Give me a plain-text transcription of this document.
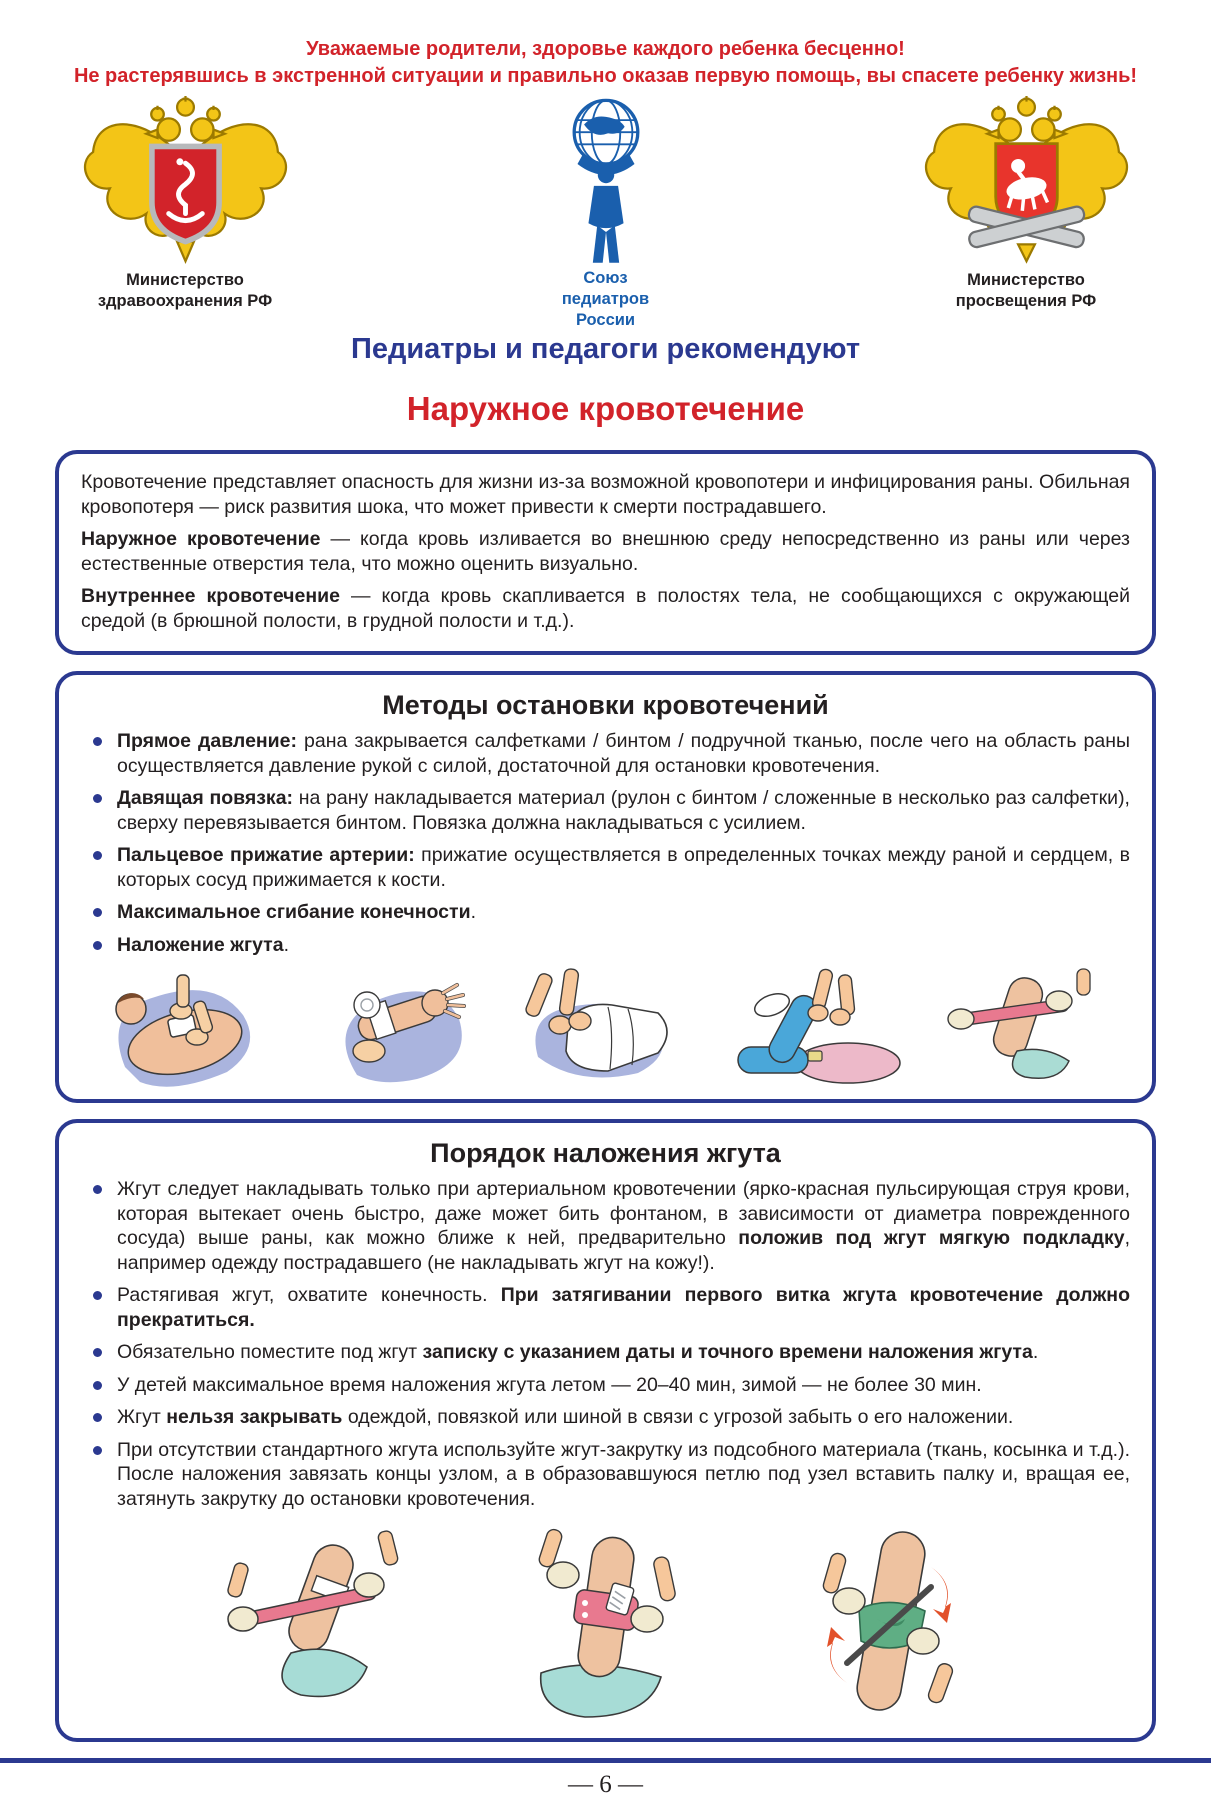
Уважаемые родители, здоровье каждого ребенка бесценно!
Не растерявшись в экстренной ситуации и правильно оказав первую помощь, вы спасете ребенку жизнь!
Министерство
здравоохранения РФ
Союз
педиатров
России
Министерство
просвещения РФ
Педиатры и педагоги рекомендуют
Наружное кровотечение

Кровотечение представляет опасность для жизни из-за возможной кровопотери и инфицирования раны. Обильная кровопотеря — риск развития шока, что может привести к смерти пострадавшего.

Наружное кровотечение — когда кровь изливается во внешнюю среду непосредственно из раны или через естественные отверстия тела, что можно оценить визуально.

Внутреннее кровотечение — когда кровь скапливается в полостях тела, не сообщающихся с окружающей средой (в брюшной полости, в грудной полости и т.д.).

Методы остановки кровотечений
Прямое давление: рана закрывается салфетками / бинтом / подручной тканью, после чего на область раны осуществляется давление рукой с силой, достаточной для остановки кровотечения.
Давящая повязка: на рану накладывается материал (рулон с бинтом / сложенные в несколько раз салфетки), сверху перевязывается бинтом. Повязка должна накладываться с усилием.
Пальцевое прижатие артерии: прижатие осуществляется в определенных точках между раной и сердцем, в которых сосуд прижимается к кости.
Максимальное сгибание конечности.
Наложение жгута.
Порядок наложения жгута
Жгут следует накладывать только при артериальном кровотечении (ярко-красная пульсирующая струя крови, которая вытекает очень быстро, даже может бить фонтаном, в зависимости от диаметра поврежденного сосуда) выше раны, как можно ближе к ней, предварительно положив под жгут мягкую подкладку, например одежду пострадавшего (не накладывать жгут на кожу!).
Растягивая жгут, охватите конечность. При затягивании первого витка жгута кровотечение должно прекратиться.
Обязательно поместите под жгут записку с указанием даты и точного времени наложения жгута.
У детей максимальное время наложения жгута летом — 20–40 мин, зимой — не более 30 мин.
Жгут нельзя закрывать одеждой, повязкой или шиной в связи с угрозой забыть о его наложении.
При отсутствии стандартного жгута используйте жгут-закрутку из подсобного материала (ткань, косынка и т.д.). После наложения завязать концы узлом, а в образовавшуюся петлю под узел вставить палку и, вращая ее, затянуть закрутку до остановки кровотечения.
— 6 —
